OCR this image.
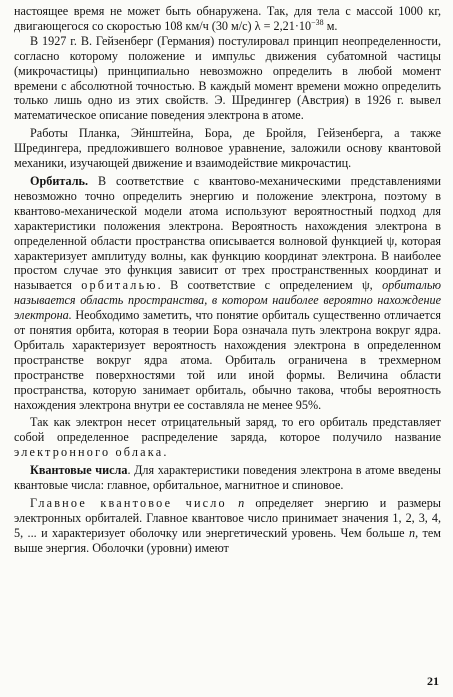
настоящее время не может быть обнаружена. Так, для тела с массой 1000 кг, двигающегося со скоростью 108 км/ч (30 м/с) $\lambda = 2,21\cdot 10^{-38}$ м.

В 1927 г. В. Гейзенберг (Германия) постулировал принцип неопределенности, согласно которому положение и импульс движения субатомной частицы (микрочастицы) принципиально невозможно определить в любой момент времени с абсолютной точностью. В каждый момент времени можно определить только лишь одно из этих свойств. Э. Шредингер (Австрия) в 1926 г. вывел математическое описание поведения электрона в атоме.

Работы Планка, Эйнштейна, Бора, де Бройля, Гейзенберга, а также Шредингера, предложившего волновое уравнение, заложили основу квантовой механики, изучающей движение и взаимодействие микрочастиц.

Орбиталь. В соответствие с квантово-механическими представлениями невозможно точно определить энергию и положение электрона, поэтому в квантово-механической модели атома используют вероятностный подход для характеристики положения электрона. Вероятность нахождения электрона в определенной области пространства описывается волновой функцией ψ, которая характеризует амплитуду волны, как функцию координат электрона. В наиболее простом случае это функция зависит от трех пространственных координат и называется орбиталью. В соответствие с определением ψ, орбиталью называется область пространства, в котором наиболее вероятно нахождение электрона. Необходимо заметить, что понятие орбиталь существенно отличается от понятия орбита, которая в теории Бора означала путь электрона вокруг ядра. Орбиталь характеризует вероятность нахождения электрона в определенном пространстве вокруг ядра атома. Орбиталь ограничена в трехмерном пространстве поверхностями той или иной формы. Величина области пространства, которую занимает орбиталь, обычно такова, чтобы вероятность нахождения электрона внутри ее составляла не менее 95%.

Так как электрон несет отрицательный заряд, то его орбиталь представляет собой определенное распределение заряда, которое получило название электронного облака.

Квантовые числа. Для характеристики поведения электрона в атоме введены квантовые числа: главное, орбитальное, магнитное и спиновое.

Главное квантовое число n определяет энергию и размеры электронных орбиталей. Главное квантовое число принимает значения 1, 2, 3, 4, 5, ... и характеризует оболочку или энергетический уровень. Чем больше n, тем выше энергия. Оболочки (уровни) имеют

21
